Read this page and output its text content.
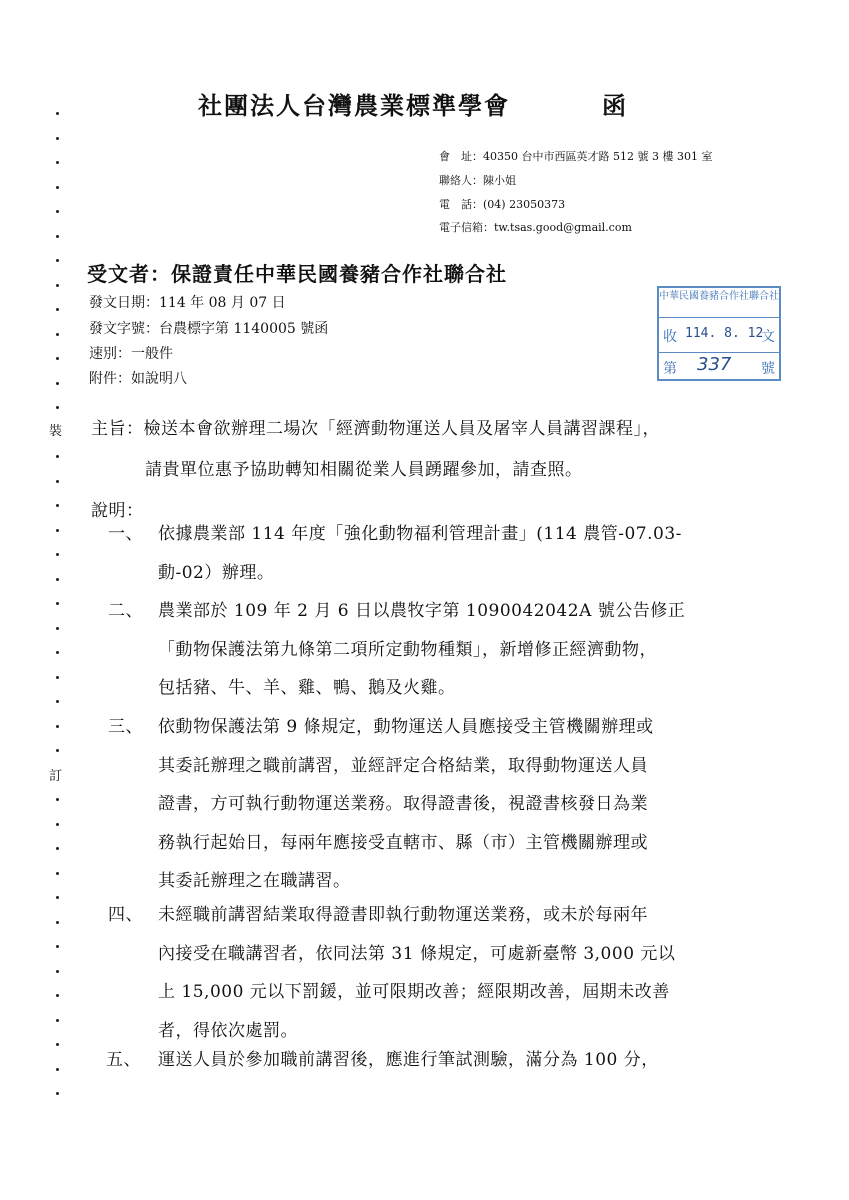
裝
訂
社團法人台灣農業標準學會	函
會　址：40350 台中市西區英才路 512 號 3 樓 301 室
聯絡人：陳小姐
電　話：(04) 23050373
電子信箱：tw.tsas.good@gmail.com
受文者：保證責任中華民國養豬合作社聯合社
發文日期：114 年 08 月 07 日
發文字號：台農標字第 1140005 號函
速別：一般件
附件：如說明八
中華民國養豬合作社聯合社
收 114. 8. 12
文
第 337 號
主旨：檢送本會欲辦理二場次「經濟動物運送人員及屠宰人員講習課程」，
請貴單位惠予協助轉知相關從業人員踴躍參加，請查照。
說明：
一、 依據農業部 114 年度「強化動物福利管理計畫」(114 農管-07.03-
動-02）辦理。
二、 農業部於 109 年 2 月 6 日以農牧字第 1090042042A 號公告修正
「動物保護法第九條第二項所定動物種類」，新增修正經濟動物，
包括豬、牛、羊、雞、鴨、鵝及火雞。
三、 依動物保護法第 9 條規定，動物運送人員應接受主管機關辦理或
其委託辦理之職前講習，並經評定合格結業，取得動物運送人員
證書，方可執行動物運送業務。取得證書後，視證書核發日為業
務執行起始日，每兩年應接受直轄市、縣（市）主管機關辦理或
其委託辦理之在職講習。
四、 未經職前講習結業取得證書即執行動物運送業務，或未於每兩年
內接受在職講習者，依同法第 31 條規定，可處新臺幣 3,000 元以
上 15,000 元以下罰鍰，並可限期改善；經限期改善，屆期未改善
者，得依次處罰。
五、 運送人員於參加職前講習後，應進行筆試測驗，滿分為 100 分，
